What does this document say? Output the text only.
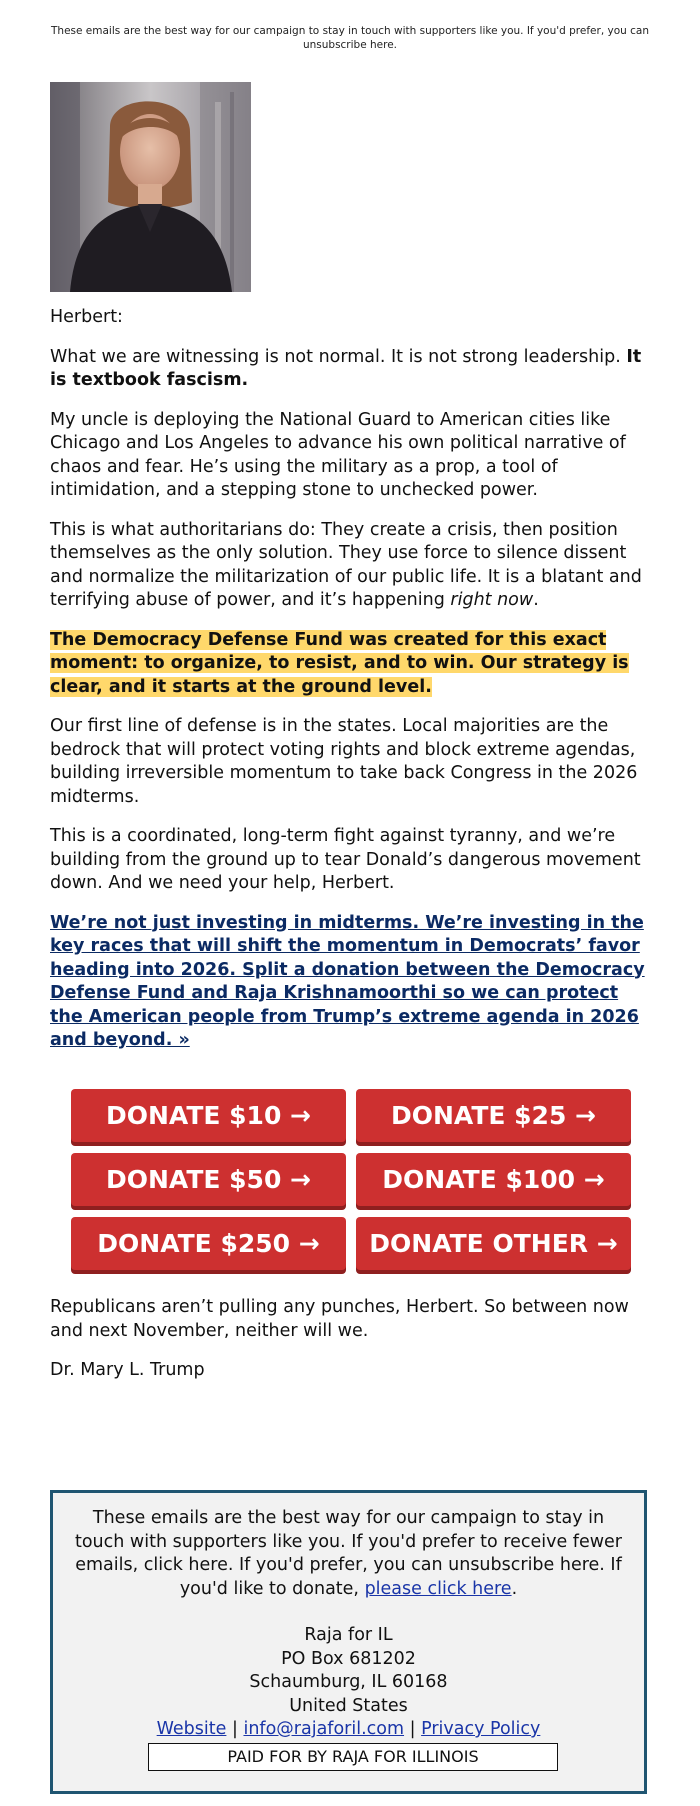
These emails are the best way for our campaign to stay in touch with supporters like you. If you'd prefer, you can unsubscribe here.

Herbert:

What we are witnessing is not normal. It is not strong leadership. It is textbook fascism.

My uncle is deploying the National Guard to American cities like Chicago and Los Angeles to advance his own political narrative of chaos and fear. He’s using the military as a prop, a tool of intimidation, and a stepping stone to unchecked power.

This is what authoritarians do: They create a crisis, then position themselves as the only solution. They use force to silence dissent and normalize the militarization of our public life. It is a blatant and terrifying abuse of power, and it’s happening right now.

The Democracy Defense Fund was created for this exact moment: to organize, to resist, and to win. Our strategy is clear, and it starts at the ground level.

Our first line of defense is in the states. Local majorities are the bedrock that will protect voting rights and block extreme agendas, building irreversible momentum to take back Congress in the 2026 midterms.

This is a coordinated, long-term fight against tyranny, and we’re building from the ground up to tear Donald’s dangerous movement down. And we need your help, Herbert.

We’re not just investing in midterms. We’re investing in the key races that will shift the momentum in Democrats’ favor heading into 2026. Split a donation between the Democracy Defense Fund and Raja Krishnamoorthi so we can protect the American people from Trump’s extreme agenda in 2026 and beyond. »

DONATE $10 →	DONATE $25 →
DONATE $50 →	DONATE $100 →
DONATE $250 →	DONATE OTHER →

Republicans aren’t pulling any punches, Herbert. So between now and next November, neither will we.

Dr. Mary L. Trump

These emails are the best way for our campaign to stay in touch with supporters like you. If you'd prefer to receive fewer emails, click here. If you'd prefer, you can unsubscribe here. If you'd like to donate, please click here.
Raja for IL
PO Box 681202
Schaumburg, IL 60168
United States
Website | info@rajaforil.com | Privacy Policy
PAID FOR BY RAJA FOR ILLINOIS
